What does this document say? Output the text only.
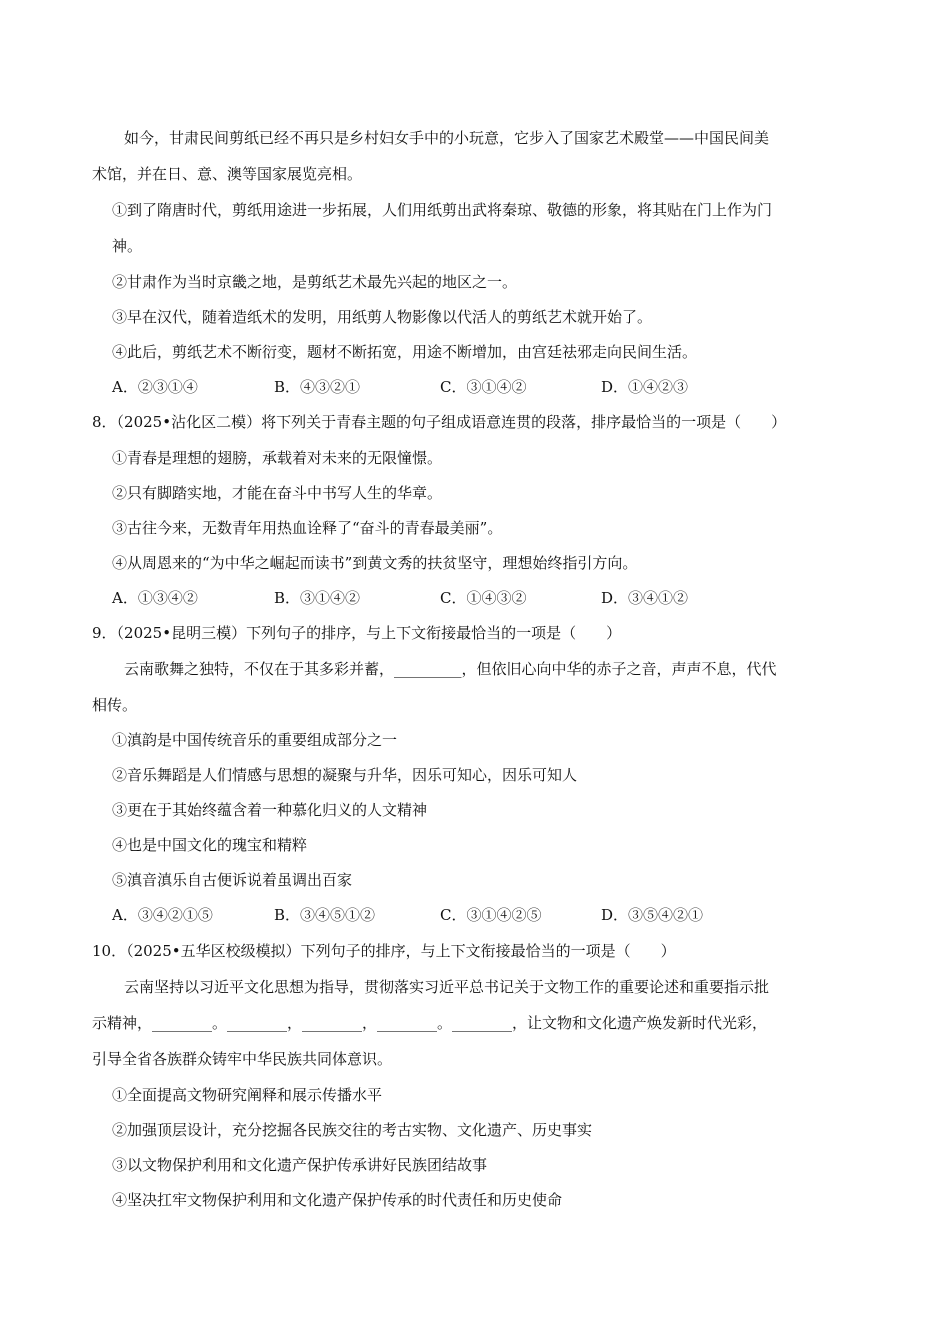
如今，甘肃民间剪纸已经不再只是乡村妇女手中的小玩意，它步入了国家艺术殿堂——中国民间美
术馆，并在日、意、澳等国家展览亮相。
①到了隋唐时代，剪纸用途进一步拓展，人们用纸剪出武将秦琼、敬德的形象，将其贴在门上作为门
神。
②甘肃作为当时京畿之地，是剪纸艺术最先兴起的地区之一。
③早在汉代，随着造纸术的发明，用纸剪人物影像以代活人的剪纸艺术就开始了。
④此后，剪纸艺术不断衍变，题材不断拓宽，用途不断增加，由宫廷祛邪走向民间生活。
A．②③①④	B．④③②①	C．③①④②	D．①④②③
8．（2025•沾化区二模）将下列关于青春主题的句子组成语意连贯的段落，排序最恰当的一项是（　　）
①青春是理想的翅膀，承载着对未来的无限憧憬。
②只有脚踏实地，才能在奋斗中书写人生的华章。
③古往今来，无数青年用热血诠释了“奋斗的青春最美丽”。
④从周恩来的“为中华之崛起而读书”到黄文秀的扶贫坚守，理想始终指引方向。
A．①③④②	B．③①④②	C．①④③②	D．③④①②
9．（2025•昆明三模）下列句子的排序，与上下文衔接最恰当的一项是（　　）
云南歌舞之独特，不仅在于其多彩并蓄，_________，但依旧心向中华的赤子之音，声声不息，代代
相传。
①滇韵是中国传统音乐的重要组成部分之一
②音乐舞蹈是人们情感与思想的凝聚与升华，因乐可知心，因乐可知人
③更在于其始终蕴含着一种慕化归义的人文精神
④也是中国文化的瑰宝和精粹
⑤滇音滇乐自古便诉说着虽调出百家
A．③④②①⑤	B．③④⑤①②	C．③①④②⑤	D．③⑤④②①
10．（2025•五华区校级模拟）下列句子的排序，与上下文衔接最恰当的一项是（　　）
云南坚持以习近平文化思想为指导，贯彻落实习近平总书记关于文物工作的重要论述和重要指示批
示精神，________。________，________，________。________，让文物和文化遗产焕发新时代光彩，
引导全省各族群众铸牢中华民族共同体意识。
①全面提高文物研究阐释和展示传播水平
②加强顶层设计，充分挖掘各民族交往的考古实物、文化遗产、历史事实
③以文物保护利用和文化遗产保护传承讲好民族团结故事
④坚决扛牢文物保护利用和文化遗产保护传承的时代责任和历史使命
